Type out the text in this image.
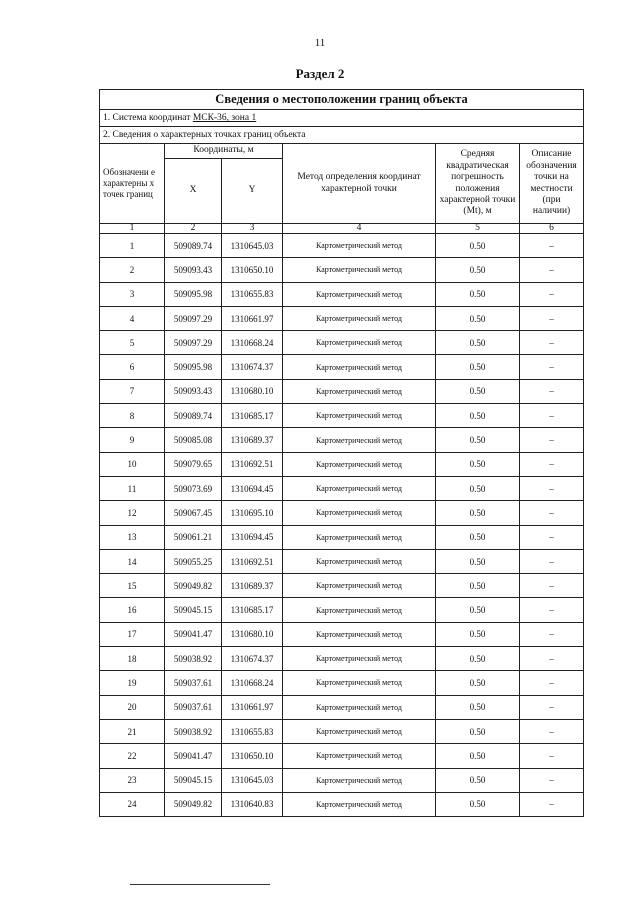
11
Раздел 2
Сведения о местоположении границ объекта					
1. Система координат МСК-36, зона 1					
2. Сведения о характерных точках границ объекта					
Обозначени е характерны х точек границ	Координаты, м		Метод определения координат характерной точки	Средняя квадратическая погрешность положения характерной точки (Мt), м	Описание обозначения точки на местности (при наличии)
	X	Y			
1	2	3	4	5	6
1	509089.74	1310645.03	Картометрический метод	0.50	–
2	509093.43	1310650.10	Картометрический метод	0.50	–
3	509095.98	1310655.83	Картометрический метод	0.50	–
4	509097.29	1310661.97	Картометрический метод	0.50	–
5	509097.29	1310668.24	Картометрический метод	0.50	–
6	509095.98	1310674.37	Картометрический метод	0.50	–
7	509093.43	1310680.10	Картометрический метод	0.50	–
8	509089.74	1310685.17	Картометрический метод	0.50	–
9	509085.08	1310689.37	Картометрический метод	0.50	–
10	509079.65	1310692.51	Картометрический метод	0.50	–
11	509073.69	1310694.45	Картометрический метод	0.50	–
12	509067.45	1310695.10	Картометрический метод	0.50	–
13	509061.21	1310694.45	Картометрический метод	0.50	–
14	509055.25	1310692.51	Картометрический метод	0.50	–
15	509049.82	1310689.37	Картометрический метод	0.50	–
16	509045.15	1310685.17	Картометрический метод	0.50	–
17	509041.47	1310680.10	Картометрический метод	0.50	–
18	509038.92	1310674.37	Картометрический метод	0.50	–
19	509037.61	1310668.24	Картометрический метод	0.50	–
20	509037.61	1310661.97	Картометрический метод	0.50	–
21	509038.92	1310655.83	Картометрический метод	0.50	–
22	509041.47	1310650.10	Картометрический метод	0.50	–
23	509045.15	1310645.03	Картометрический метод	0.50	–
24	509049.82	1310640.83	Картометрический метод	0.50	–
